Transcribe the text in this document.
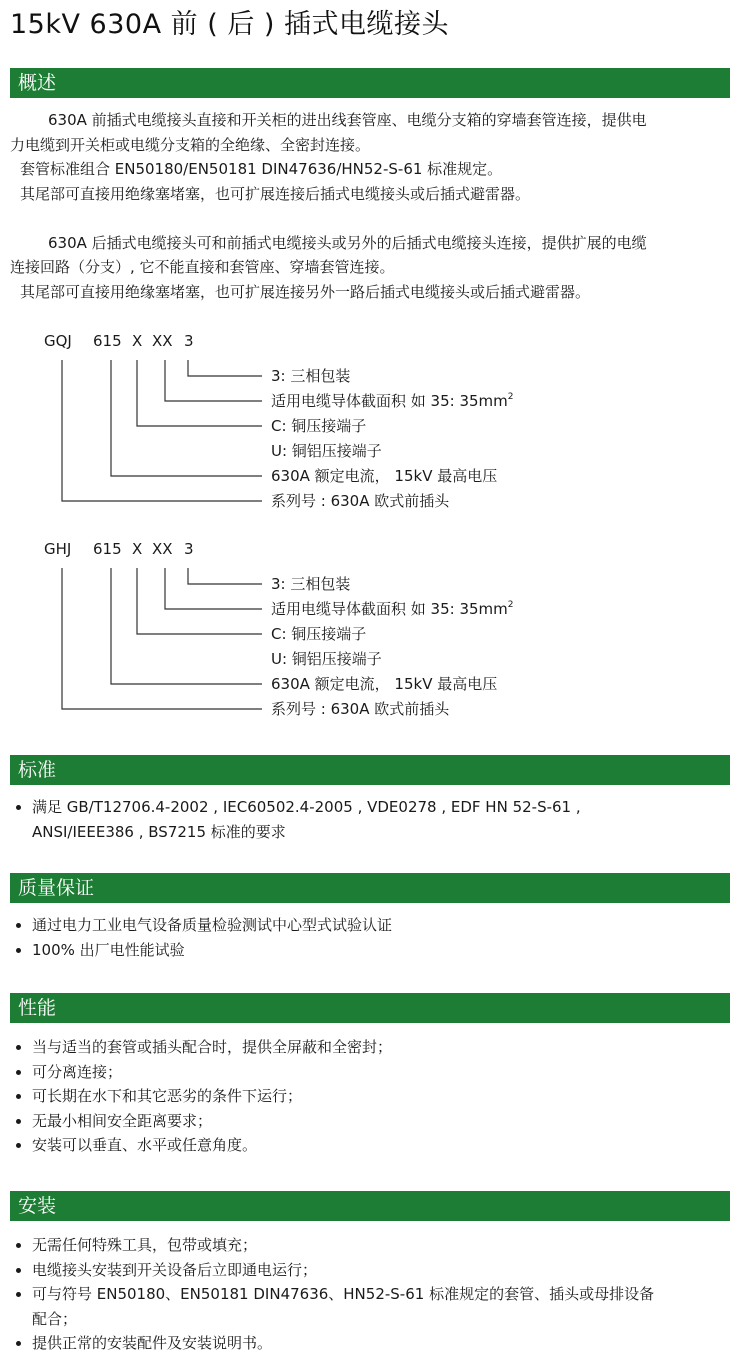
15kV 630A 前 ( 后 ) 插式电缆接头
概述

630A 前插式电缆接头直接和开关柜的进出线套管座、电缆分支箱的穿墙套管连接，提供电

力电缆到开关柜或电缆分支箱的全绝缘、全密封连接。

套管标准组合 EN50180/EN50181 DIN47636/HN52-S-61 标准规定。

其尾部可直接用绝缘塞堵塞，也可扩展连接后插式电缆接头或后插式避雷器。

630A 后插式电缆接头可和前插式电缆接头或另外的后插式电缆接头连接，提供扩展的电缆

连接回路（分支）, 它不能直接和套管座、穿墙套管连接。

其尾部可直接用绝缘塞堵塞，也可扩展连接另外一路后插式电缆接头或后插式避雷器。

GQJ 615 X XX 3
3: 三相包装
适用电缆导体截面积 如 35: $35mm^2$
C: 铜压接端子
U: 铜铝压接端子
630A 额定电流， 15kV 最高电压
系列号 : 630A 欧式前插头
GHJ 615 X XX 3
3: 三相包装
适用电缆导体截面积 如 35: $35mm^2$
C: 铜压接端子
U: 铜铝压接端子
630A 额定电流， 15kV 最高电压
系列号 : 630A 欧式前插头
标准
满足 GB/T12706.4-2002 , IEC60502.4-2005 , VDE0278 , EDF HN 52-S-61 ,
ANSI/IEEE386 , BS7215 标准的要求
质量保证
通过电力工业电气设备质量检验测试中心型式试验认证
100% 出厂电性能试验
性能
当与适当的套管或插头配合时，提供全屏蔽和全密封；
可分离连接；
可长期在水下和其它恶劣的条件下运行；
无最小相间安全距离要求；
安装可以垂直、水平或任意角度。
安装
无需任何特殊工具，包带或填充；
电缆接头安装到开关设备后立即通电运行；
可与符号 EN50180、EN50181 DIN47636、HN52-S-61 标准规定的套管、插头或母排设备
配合；
提供正常的安装配件及安装说明书。
